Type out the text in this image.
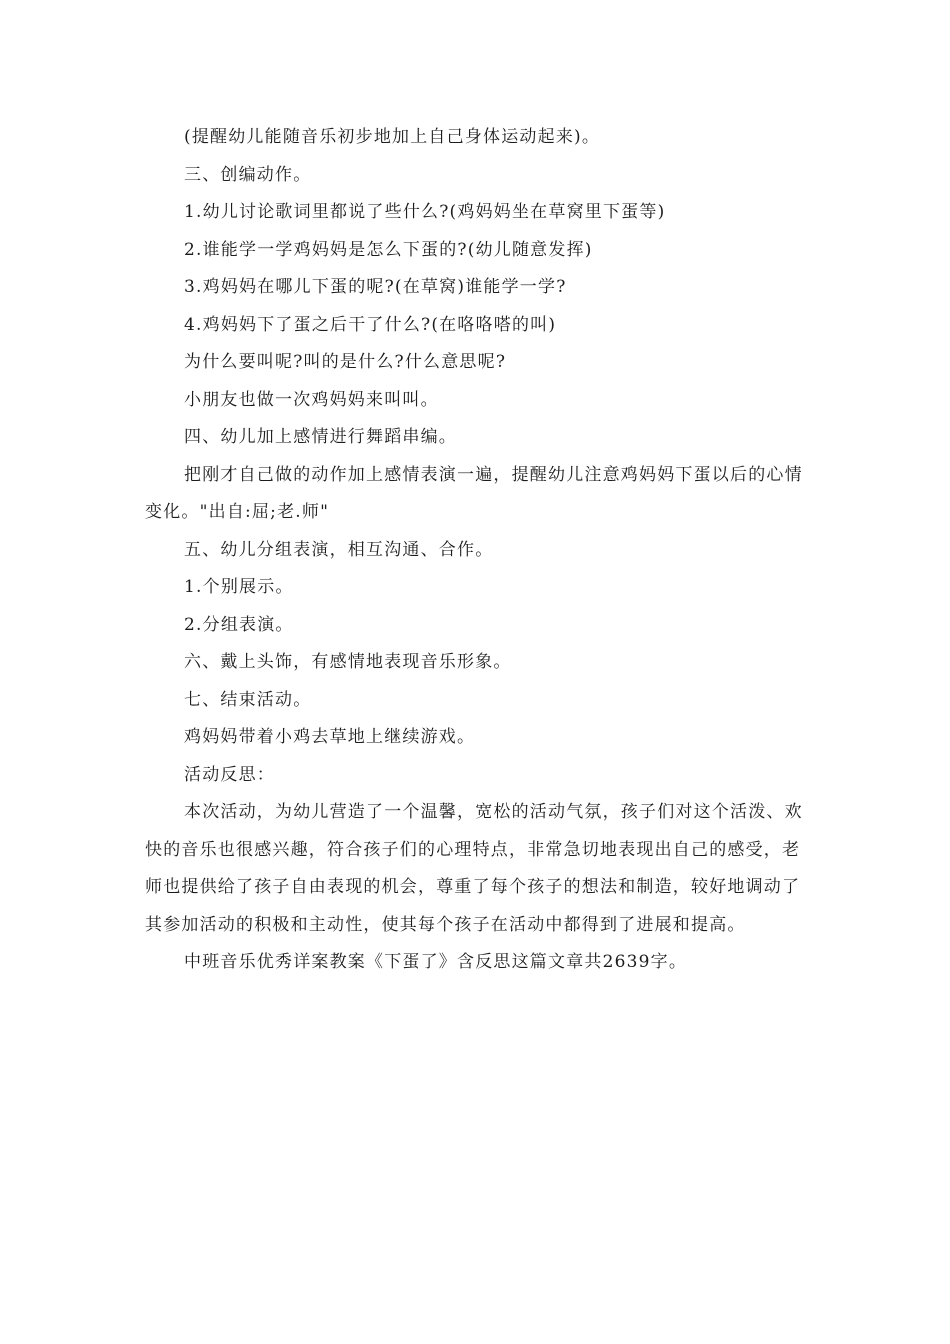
(提醒幼儿能随音乐初步地加上自己身体运动起来)。

三、创编动作。

1.幼儿讨论歌词里都说了些什么?(鸡妈妈坐在草窝里下蛋等)

2.谁能学一学鸡妈妈是怎么下蛋的?(幼儿随意发挥)

3.鸡妈妈在哪儿下蛋的呢?(在草窝)谁能学一学?

4.鸡妈妈下了蛋之后干了什么?(在咯咯嗒的叫)

为什么要叫呢?叫的是什么?什么意思呢?

小朋友也做一次鸡妈妈来叫叫。

四、幼儿加上感情进行舞蹈串编。

把刚才自己做的动作加上感情表演一遍，提醒幼儿注意鸡妈妈下蛋以后的心情变化。"出自:屈;老.师"

五、幼儿分组表演，相互沟通、合作。

1.个别展示。

2.分组表演。

六、戴上头饰，有感情地表现音乐形象。

七、结束活动。

鸡妈妈带着小鸡去草地上继续游戏。

活动反思：

本次活动，为幼儿营造了一个温馨，宽松的活动气氛，孩子们对这个活泼、欢快的音乐也很感兴趣，符合孩子们的心理特点，非常急切地表现出自己的感受，老师也提供给了孩子自由表现的机会，尊重了每个孩子的想法和制造，较好地调动了其参加活动的积极和主动性，使其每个孩子在活动中都得到了进展和提高。

中班音乐优秀详案教案《下蛋了》含反思这篇文章共2639字。
